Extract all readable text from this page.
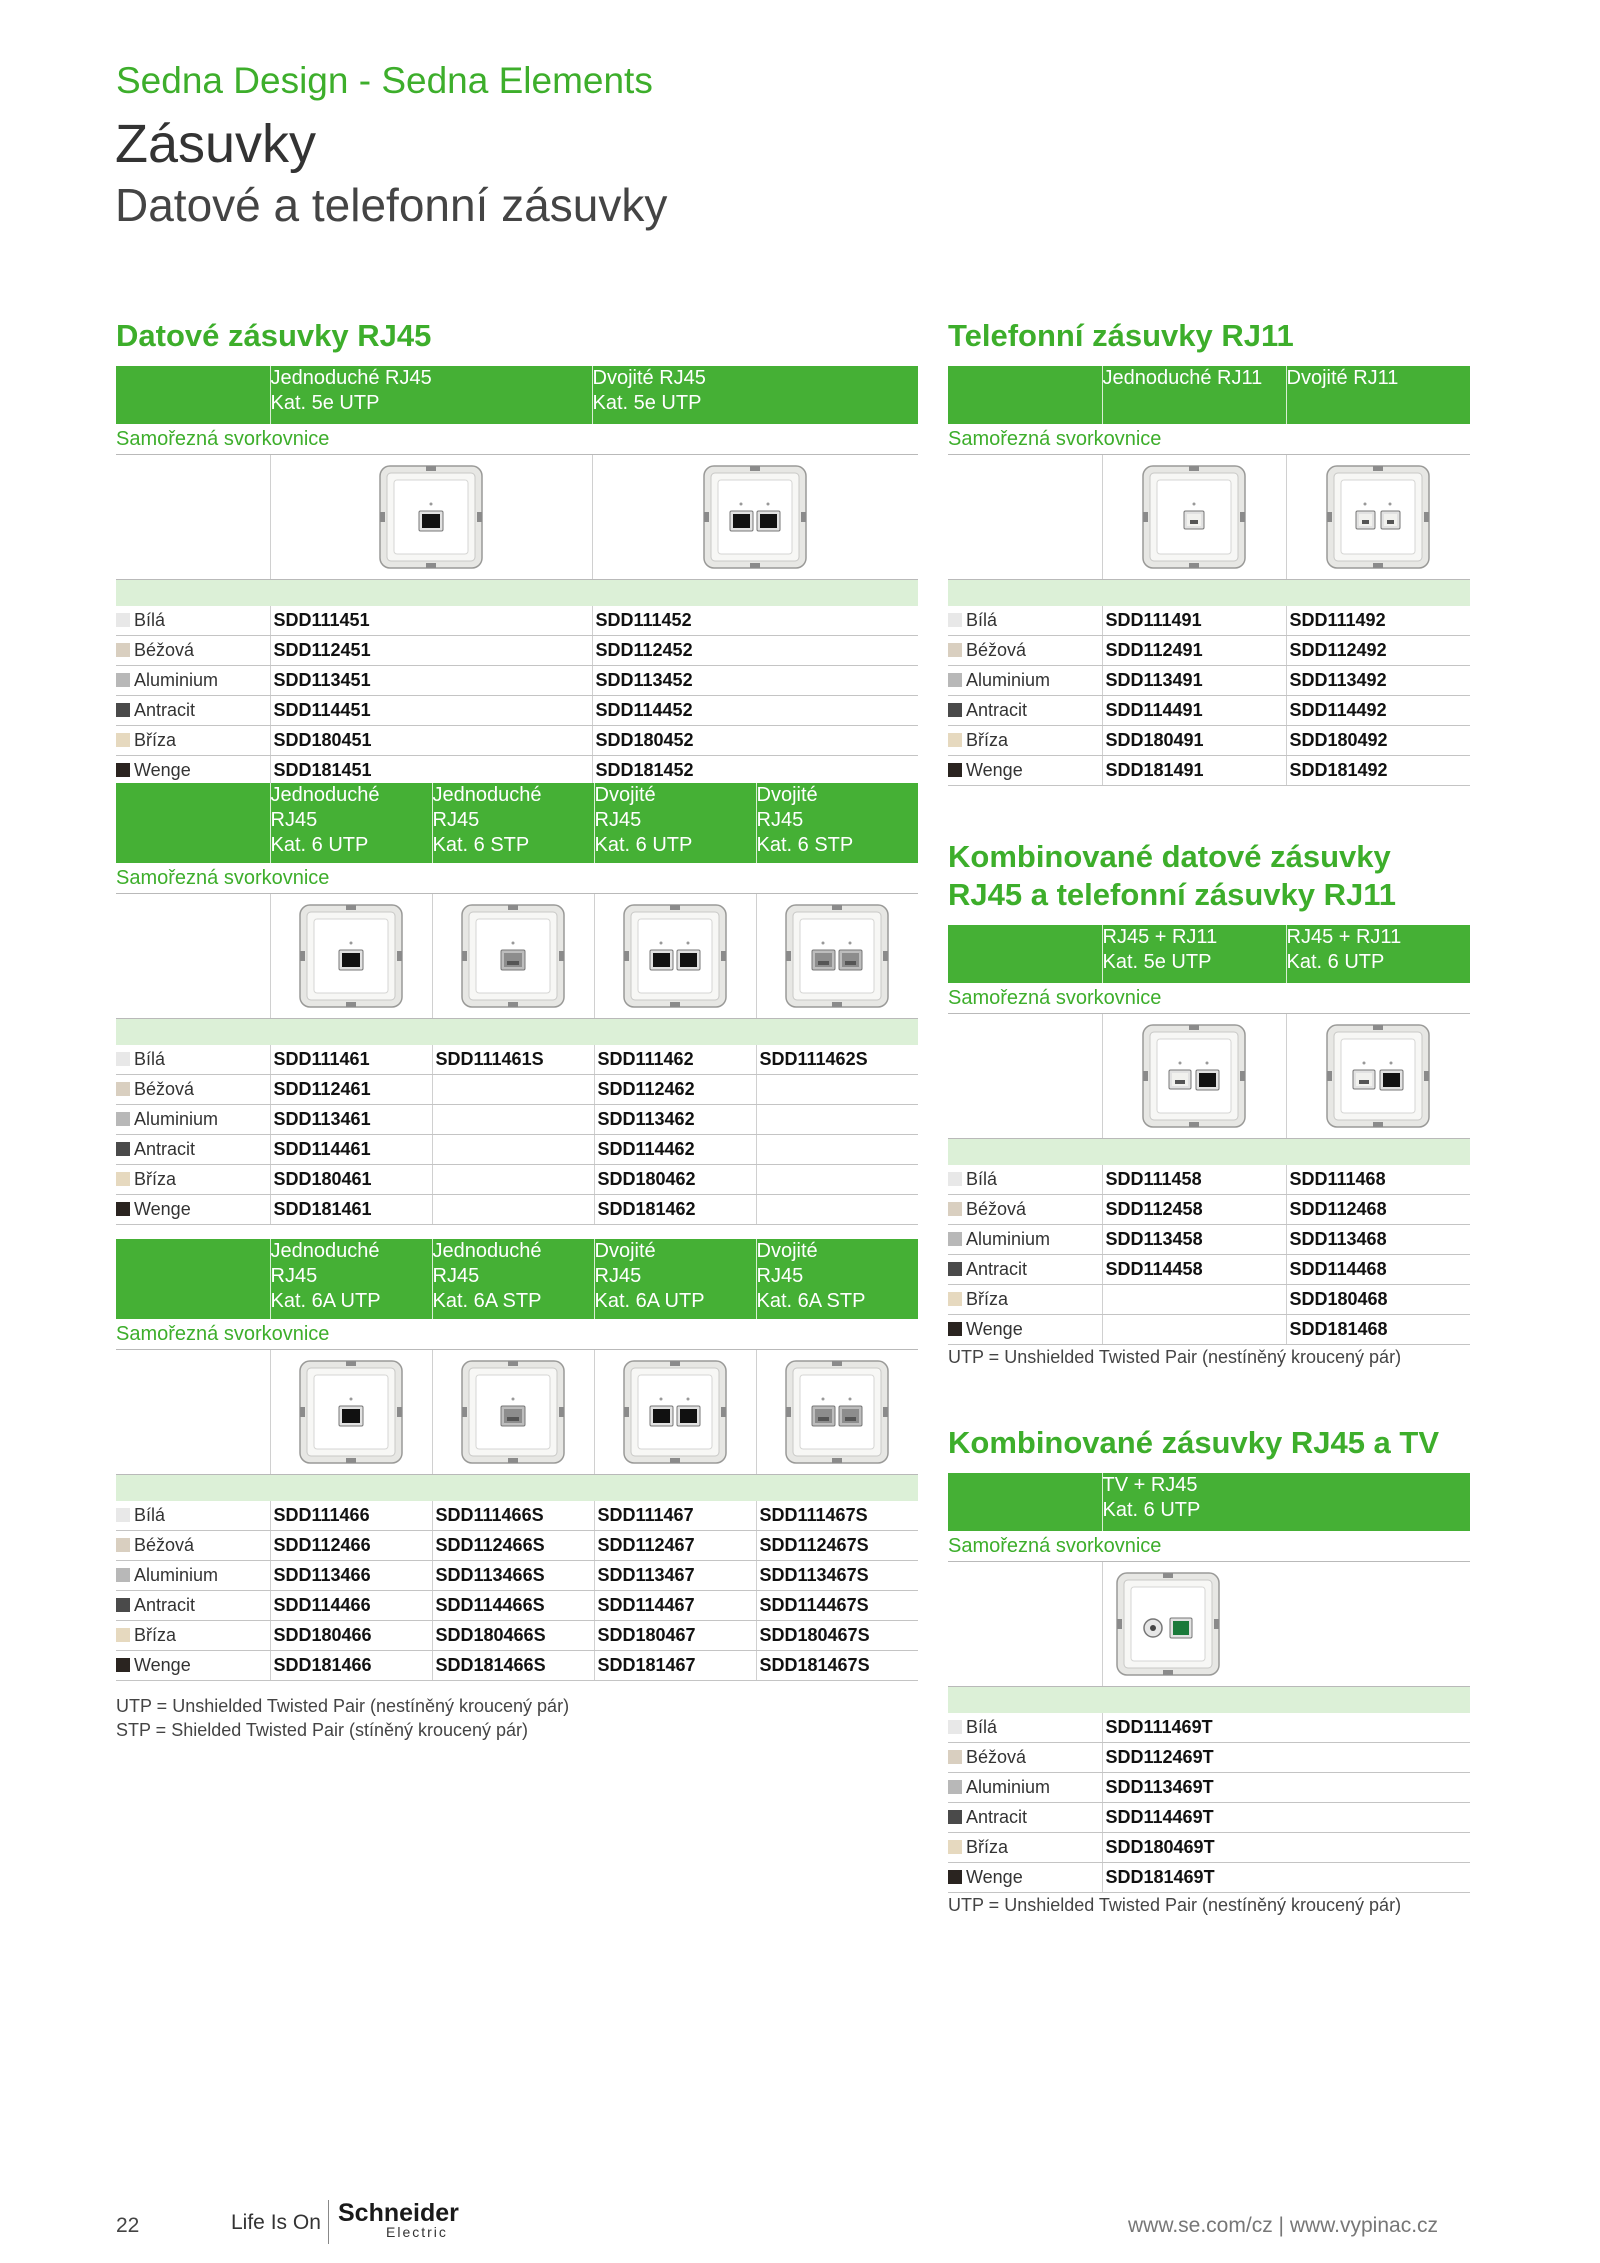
Sedna Design - Sedna Elements
Zásuvky
Datové a telefonní zásuvky
Datové zásuvky RJ45
	Jednoduché RJ45
Kat. 5e UTP	Dvojité RJ45
Kat. 5e UTP
Samořezná svorkovnice		

Bílá	SDD111451	SDD111452
Béžová	SDD112451	SDD112452
Aluminium	SDD113451	SDD113452
Antracit	SDD114451	SDD114452
Bříza	SDD180451	SDD180452
Wenge	SDD181451	SDD181452
	Jednoduché
RJ45
Kat. 6 UTP	Jednoduché
RJ45
Kat. 6 STP	Dvojité
RJ45
Kat. 6 UTP	Dvojité
RJ45
Kat. 6 STP
Samořezná svorkovnice				

Bílá	SDD111461	SDD111461S	SDD111462	SDD111462S
Béžová	SDD112461		SDD112462	
Aluminium	SDD113461		SDD113462	
Antracit	SDD114461		SDD114462	
Bříza	SDD180461		SDD180462	
Wenge	SDD181461		SDD181462	
	Jednoduché
RJ45
Kat. 6A UTP	Jednoduché
RJ45
Kat. 6A STP	Dvojité
RJ45
Kat. 6A UTP	Dvojité
RJ45
Kat. 6A STP
Samořezná svorkovnice				

Bílá	SDD111466	SDD111466S	SDD111467	SDD111467S
Béžová	SDD112466	SDD112466S	SDD112467	SDD112467S
Aluminium	SDD113466	SDD113466S	SDD113467	SDD113467S
Antracit	SDD114466	SDD114466S	SDD114467	SDD114467S
Bříza	SDD180466	SDD180466S	SDD180467	SDD180467S
Wenge	SDD181466	SDD181466S	SDD181467	SDD181467S
UTP = Unshielded Twisted Pair (nestíněný kroucený pár)
STP = Shielded Twisted Pair (stíněný kroucený pár)
Telefonní zásuvky RJ11
	Jednoduché RJ11	Dvojité RJ11
Samořezná svorkovnice		

Bílá	SDD111491	SDD111492
Béžová	SDD112491	SDD112492
Aluminium	SDD113491	SDD113492
Antracit	SDD114491	SDD114492
Bříza	SDD180491	SDD180492
Wenge	SDD181491	SDD181492
Kombinované datové zásuvky
RJ45 a telefonní zásuvky RJ11
	RJ45 + RJ11
Kat. 5e UTP	RJ45 + RJ11
Kat. 6 UTP
Samořezná svorkovnice		

Bílá	SDD111458	SDD111468
Béžová	SDD112458	SDD112468
Aluminium	SDD113458	SDD113468
Antracit	SDD114458	SDD114468
Bříza		SDD180468
Wenge		SDD181468
UTP = Unshielded Twisted Pair (nestíněný kroucený pár)
Kombinované zásuvky RJ45 a TV
	TV + RJ45
Kat. 6 UTP
Samořezná svorkovnice	

Bílá	SDD111469T
Béžová	SDD112469T
Aluminium	SDD113469T
Antracit	SDD114469T
Bříza	SDD180469T
Wenge	SDD181469T
UTP = Unshielded Twisted Pair (nestíněný kroucený pár)
22	Life Is On Schneider
Electric	www.se.com/cz | www.vypinac.cz
